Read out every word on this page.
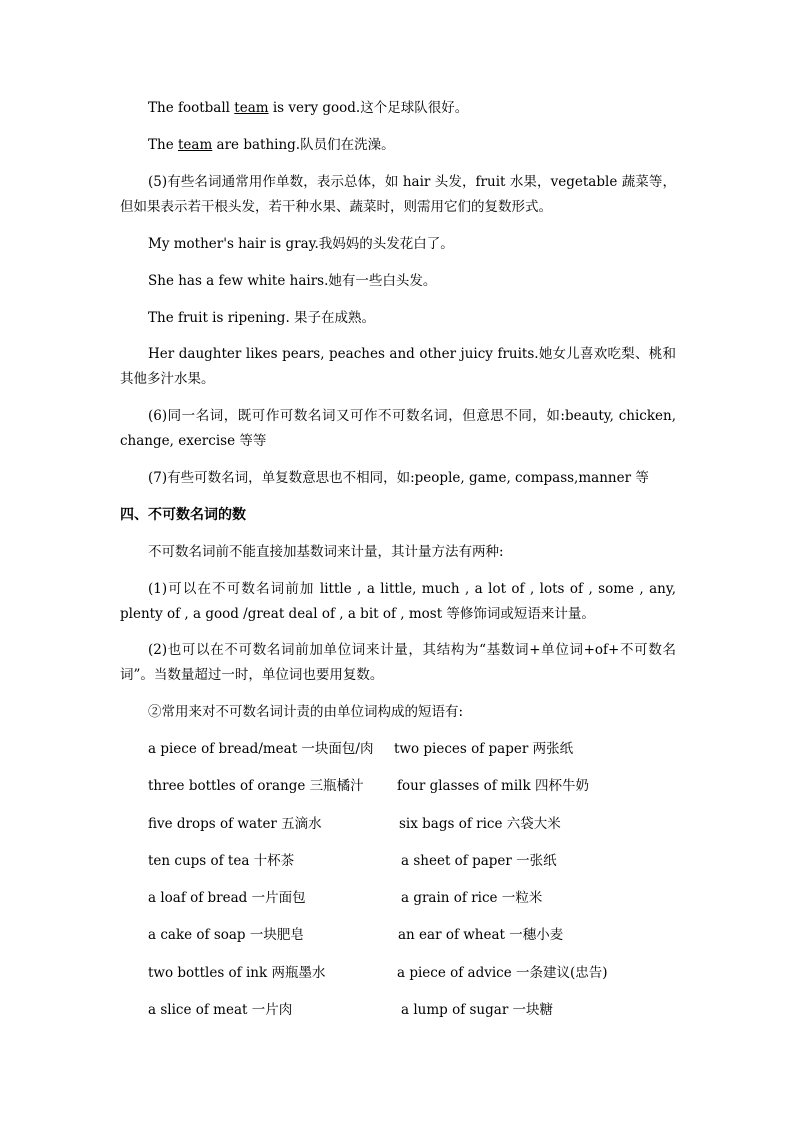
The football team is very good.这个足球队很好。
The team are bathing.队员们在洗澡。
(5)有些名词通常用作单数，表示总体，如 hair 头发，fruit 水果，vegetable 蔬菜等，但如果表示若干根头发，若干种水果、蔬菜时，则需用它们的复数形式。
My mother's hair is gray.我妈妈的头发花白了。
She has a few white hairs.她有一些白头发。
The fruit is ripening. 果子在成熟。
Her daughter likes pears, peaches and other juicy fruits.她女儿喜欢吃梨、桃和其他多汁水果。
(6)同一名词，既可作可数名词又可作不可数名词，但意思不同，如:beauty, chicken, change, exercise 等等
(7)有些可数名词，单复数意思也不相同，如:people, game, compass,manner 等
四、不可数名词的数
不可数名词前不能直接加基数词来计量，其计量方法有两种:
(1)可以在不可数名词前加 little , a little, much , a lot of , lots of , some , any, plenty of , a good /great deal of , a bit of , most 等修饰词或短语来计量。
(2)也可以在不可数名词前加单位词来计量，其结构为“基数词+单位词+of+不可数名词”。当数量超过一时，单位词也要用复数。
②常用来对不可数名词计责的由单位词构成的短语有:
a piece of bread/meat 一块面包/肉 two pieces of paper 两张纸
three bottles of orange 三瓶橘汁 four glasses of milk 四杯牛奶
five drops of water 五滴水	six bags of rice 六袋大米
ten cups of tea 十杯茶	a sheet of paper 一张纸
a loaf of bread 一片面包	a grain of rice 一粒米
a cake of soap 一块肥皂	an ear of wheat 一穗小麦
two bottles of ink 两瓶墨水	a piece of advice 一条建议(忠告)
a slice of meat 一片肉	a lump of sugar 一块糖
